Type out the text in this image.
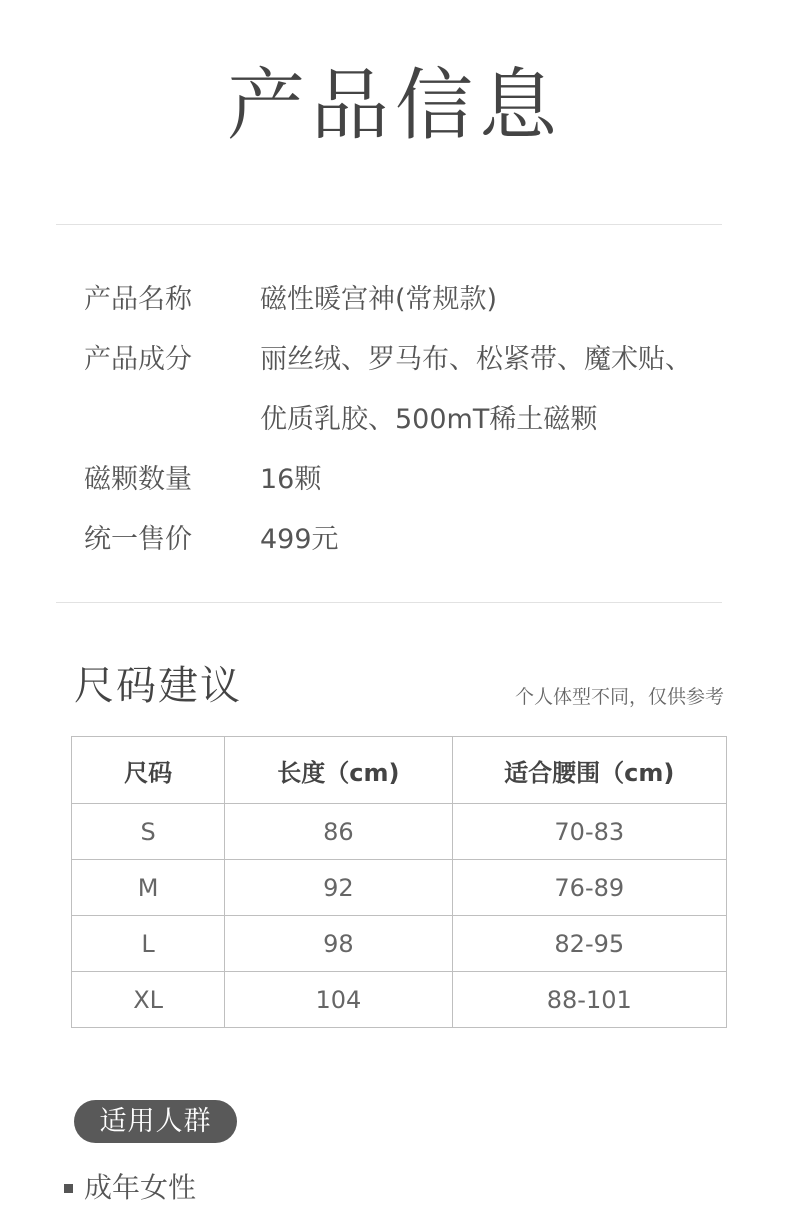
产品信息
产品名称	磁性暖宫神(常规款)
产品成分	丽丝绒、罗马布、松紧带、魔术贴、
优质乳胶、500mT稀土磁颗
磁颗数量	16颗
统一售价	499元
尺码建议	个人体型不同，仅供参考
尺码	长度（cm)	适合腰围（cm)
S	86	70-83
M	92	76-89
L	98	82-95
XL	104	88-101
适用人群
成年女性
